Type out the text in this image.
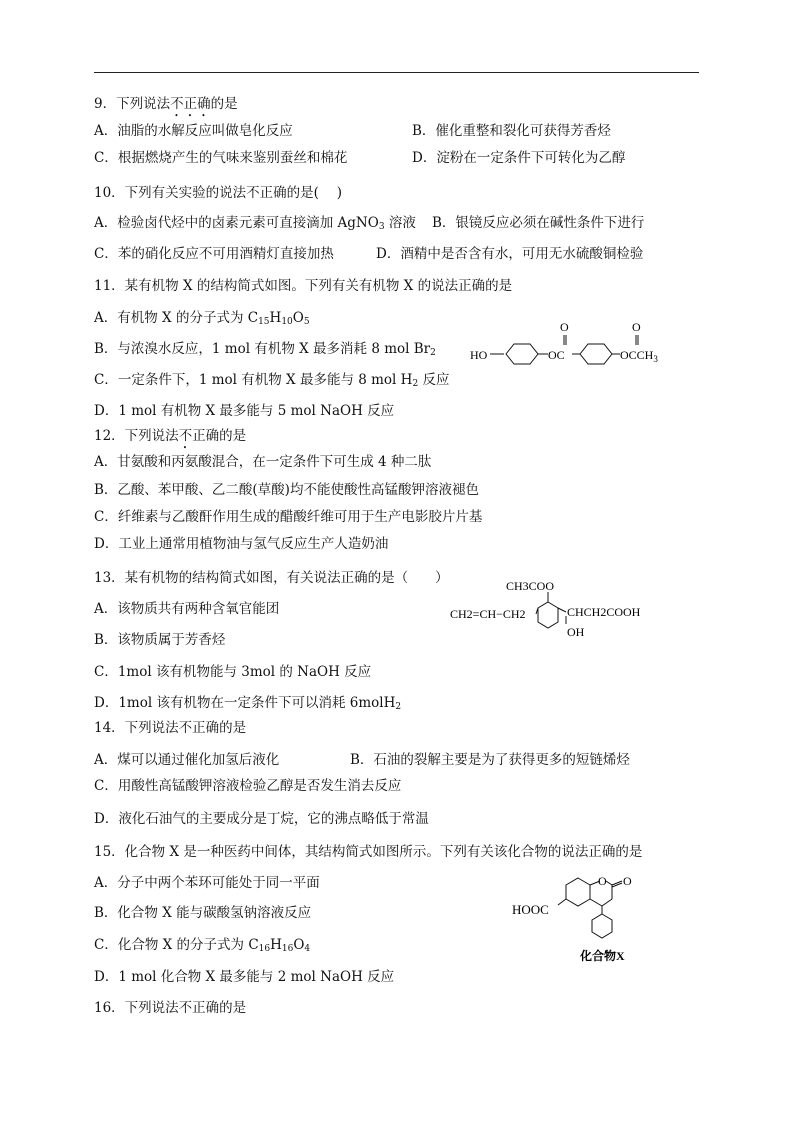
9．下列说法不正确的是
A．油脂的水解反应叫做皂化反应	B．催化重整和裂化可获得芳香烃
C．根据燃烧产生的气味来鉴别蚕丝和棉花	D．淀粉在一定条件下可转化为乙醇
10．下列有关实验的说法不正确的是(　 )
A．检验卤代烃中的卤素元素可直接滴加 AgNO$_3$ 溶液 B．银镜反应必须在碱性条件下进行
C．苯的硝化反应不可用酒精灯直接加热	D．酒精中是否含有水，可用无水硫酸铜检验
11．某有机物 X 的结构简式如图。下列有关有机物 X 的说法正确的是
A．有机物 X 的分子式为 $C_{15}H_{10}O_5$
B．与浓溴水反应，1 mol 有机物 X 最多消耗 8 mol $Br_2$
C．一定条件下，1 mol 有机物 X 最多能与 8 mol $H_2$ 反应
D．1 mol 有机物 X 最多能与 5 mol NaOH 反应
HO
O
OC
O
$OCCH_3$
12．下列说法不正确的是
A．甘氨酸和丙氨酸混合，在一定条件下可生成 4 种二肽
B．乙酸、苯甲酸、乙二酸(草酸)均不能使酸性高锰酸钾溶液褪色
C．纤维素与乙酸酐作用生成的醋酸纤维可用于生产电影胶片片基
D．工业上通常用植物油与氢气反应生产人造奶油
13．某有机物的结构简式如图，有关说法正确的是（　　）
A．该物质共有两种含氧官能团
B．该物质属于芳香烃
C．1mol 该有机物能与 3mol 的 NaOH 反应
D．1mol 该有机物在一定条件下可以消耗 6molH$_2$
CH3COO
CH2=CH−CH2	CHCH2COOH
OH
14．下列说法不正确的是
A．煤可以通过催化加氢后液化	B．石油的裂解主要是为了获得更多的短链烯烃
C．用酸性高锰酸钾溶液检验乙醇是否发生消去反应
D．液化石油气的主要成分是丁烷，它的沸点略低于常温
15．化合物 X 是一种医药中间体，其结构简式如图所示。下列有关该化合物的说法正确的是
A．分子中两个苯环可能处于同一平面
B．化合物 X 能与碳酸氢钠溶液反应
C．化合物 X 的分子式为 $C_{16}H_{16}O_4$
D．1 mol 化合物 X 最多能与 2 mol NaOH 反应
O O
HOOC
化合物X
16．下列说法不正确的是
